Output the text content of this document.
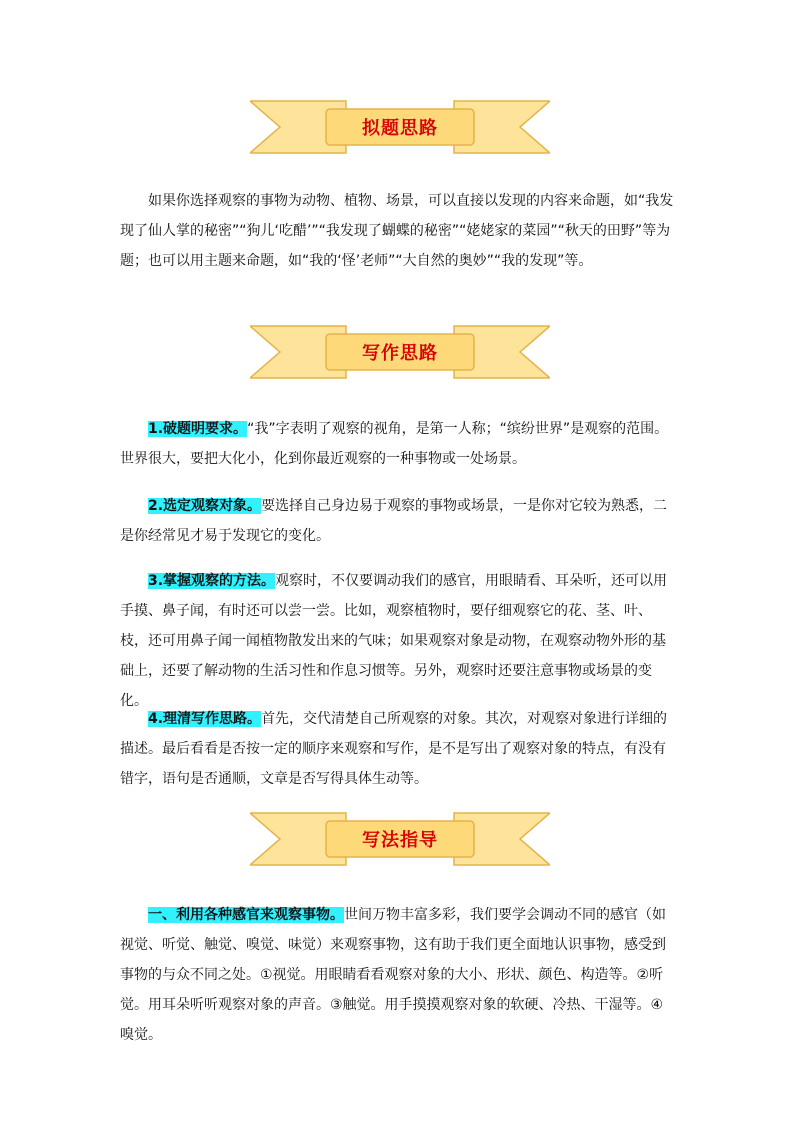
拟题思路

如果你选择观察的事物为动物、植物、场景，可以直接以发现的内容来命题，如“我发现了仙人掌的秘密”“狗儿‘吃醋’”“我发现了蝴蝶的秘密”“姥姥家的菜园”“秋天的田野”等为题；也可以用主题来命题，如“我的‘怪’老师”“大自然的奥妙”“我的发现”等。

写作思路

1.破题明要求。“我”字表明了观察的视角，是第一人称；“缤纷世界”是观察的范围。世界很大，要把大化小，化到你最近观察的一种事物或一处场景。

2.选定观察对象。要选择自己身边易于观察的事物或场景，一是你对它较为熟悉，二是你经常见才易于发现它的变化。

3.掌握观察的方法。观察时，不仅要调动我们的感官，用眼睛看、耳朵听，还可以用手摸、鼻子闻，有时还可以尝一尝。比如，观察植物时，要仔细观察它的花、茎、叶、枝，还可用鼻子闻一闻植物散发出来的气味；如果观察对象是动物，在观察动物外形的基础上，还要了解动物的生活习性和作息习惯等。另外，观察时还要注意事物或场景的变化。

4.理清写作思路。首先，交代清楚自己所观察的对象。其次，对观察对象进行详细的描述。最后看看是否按一定的顺序来观察和写作，是不是写出了观察对象的特点，有没有错字，语句是否通顺，文章是否写得具体生动等。

写法指导

一、利用各种感官来观察事物。世间万物丰富多彩，我们要学会调动不同的感官（如视觉、听觉、触觉、嗅觉、味觉）来观察事物，这有助于我们更全面地认识事物，感受到事物的与众不同之处。①视觉。用眼睛看看观察对象的大小、形状、颜色、构造等。②听觉。用耳朵听听观察对象的声音。③触觉。用手摸摸观察对象的软硬、冷热、干湿等。④嗅觉。
